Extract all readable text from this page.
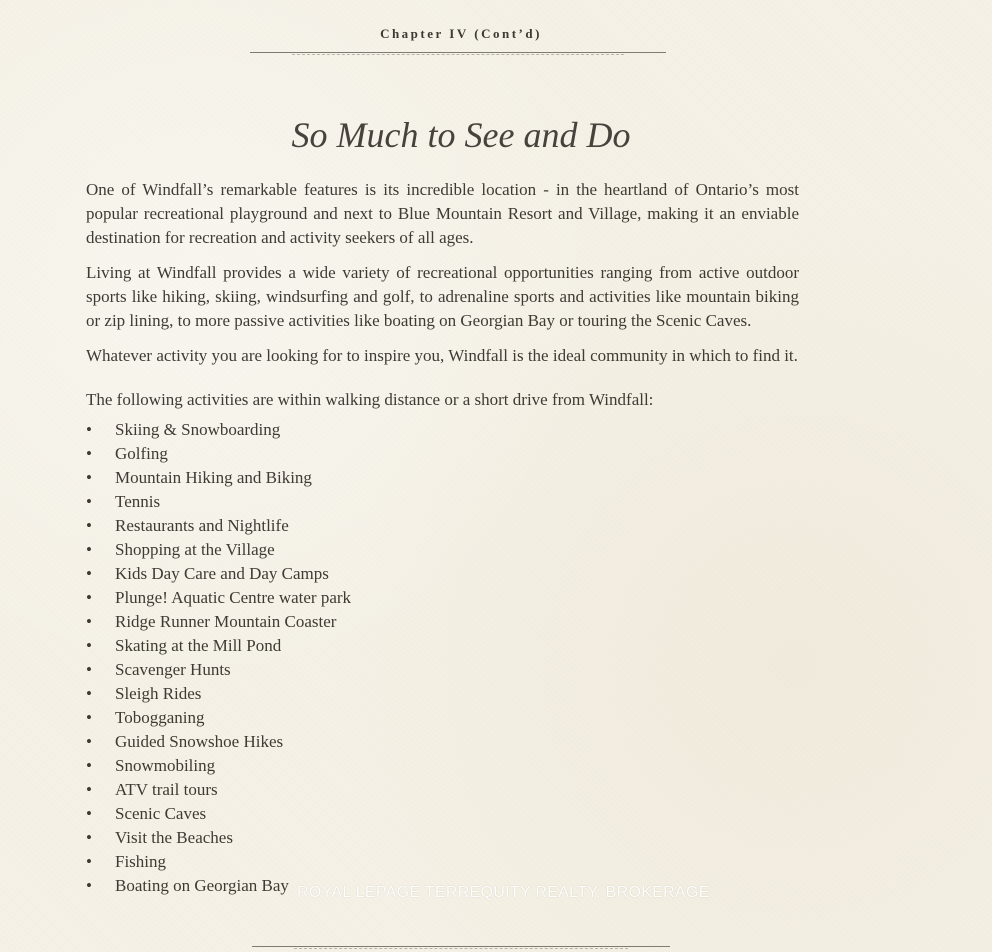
Chapter IV (Cont’d)
So Much to See and Do

One of Windfall’s remarkable features is its incredible location - in the heartland of Ontario’s most popular recreational playground and next to Blue Mountain Resort and Village, making it an enviable destination for recreation and activity seekers of all ages.

Living at Windfall provides a wide variety of recreational opportunities ranging from active outdoor sports like hiking, skiing, windsurfing and golf, to adrenaline sports and activities like mountain biking or zip lining, to more passive activities like boating on Georgian Bay or touring the Scenic Caves.

Whatever activity you are looking for to inspire you, Windfall is the ideal community in which to find it.

The following activities are within walking distance or a short drive from Windfall:

•	Skiing & Snowboarding
•	Golfing
•	Mountain Hiking and Biking
•	Tennis
•	Restaurants and Nightlife
•	Shopping at the Village
•	Kids Day Care and Day Camps
•	Plunge! Aquatic Centre water park
•	Ridge Runner Mountain Coaster
•	Skating at the Mill Pond
•	Scavenger Hunts
•	Sleigh Rides
•	Tobogganing
•	Guided Snowshoe Hikes
•	Snowmobiling
•	ATV trail tours
•	Scenic Caves
•	Visit the Beaches
•	Fishing
•	Boating on Georgian Bay ROYAL LEPAGE TERREQUITY REALTY, BROKERAGE
